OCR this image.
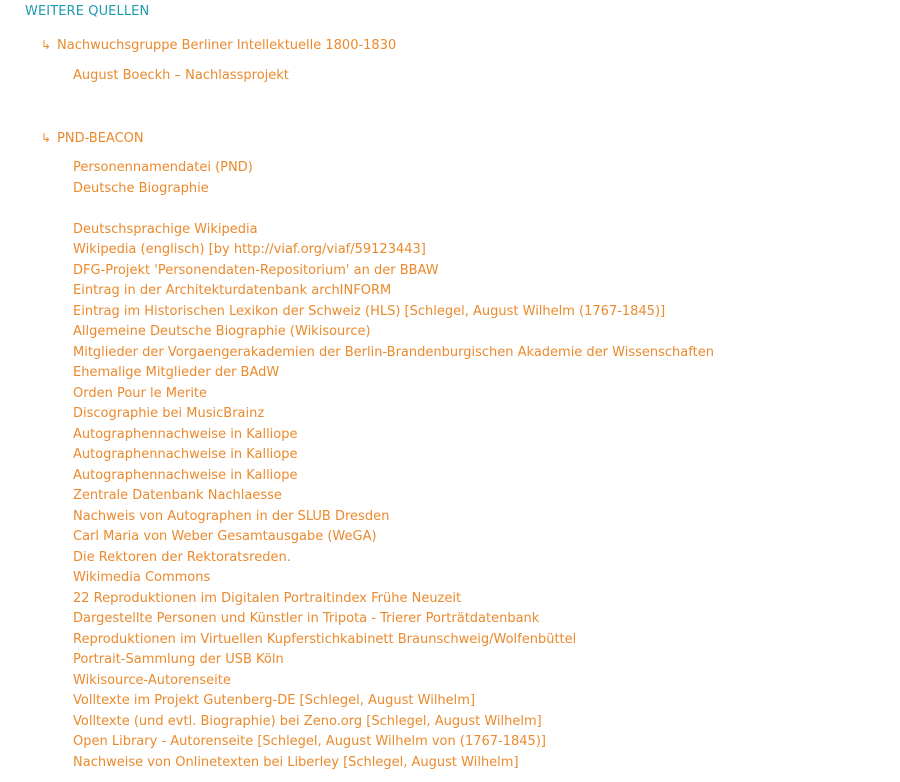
WEITERE QUELLEN
↳ Nachwuchsgruppe Berliner Intellektuelle 1800-1830
August Boeckh – Nachlassprojekt
↳ PND-BEACON
Personennamendatei (PND)
Deutsche Biographie
Deutschsprachige Wikipedia
Wikipedia (englisch) [by http://viaf.org/viaf/59123443]
DFG-Projekt 'Personendaten-Repositorium' an der BBAW
Eintrag in der Architekturdatenbank archINFORM
Eintrag im Historischen Lexikon der Schweiz (HLS) [Schlegel, August Wilhelm (1767-1845)]
Allgemeine Deutsche Biographie (Wikisource)
Mitglieder der Vorgaengerakademien der Berlin-Brandenburgischen Akademie der Wissenschaften
Ehemalige Mitglieder der BAdW
Orden Pour le Merite
Discographie bei MusicBrainz
Autographennachweise in Kalliope
Autographennachweise in Kalliope
Autographennachweise in Kalliope
Zentrale Datenbank Nachlaesse
Nachweis von Autographen in der SLUB Dresden
Carl Maria von Weber Gesamtausgabe (WeGA)
Die Rektoren der Rektoratsreden.
Wikimedia Commons
22 Reproduktionen im Digitalen Portraitindex Frühe Neuzeit
Dargestellte Personen und Künstler in Tripota - Trierer Porträtdatenbank
Reproduktionen im Virtuellen Kupferstichkabinett Braunschweig/Wolfenbüttel
Portrait-Sammlung der USB Köln
Wikisource-Autorenseite
Volltexte im Projekt Gutenberg-DE [Schlegel, August Wilhelm]
Volltexte (und evtl. Biographie) bei Zeno.org [Schlegel, August Wilhelm]
Open Library - Autorenseite [Schlegel, August Wilhelm von (1767-1845)]
Nachweise von Onlinetexten bei Liberley [Schlegel, August Wilhelm]
